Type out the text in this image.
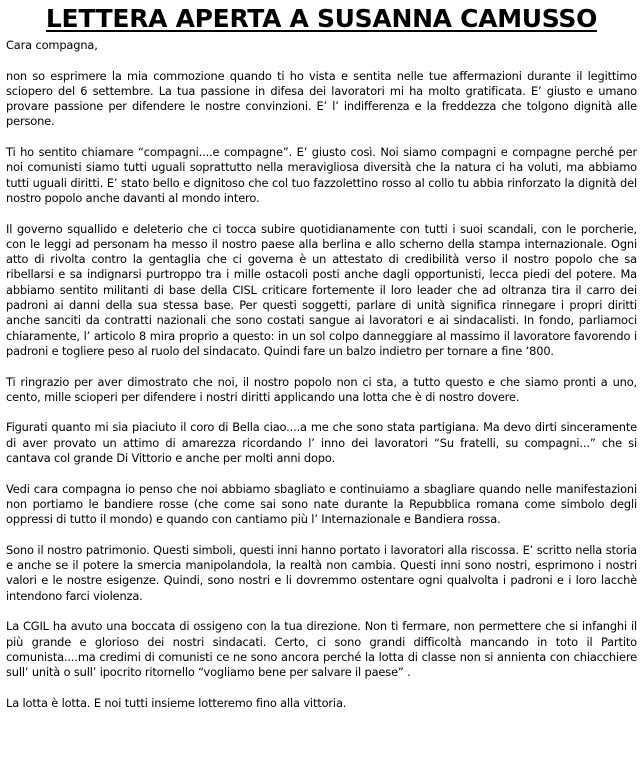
LETTERA APERTA A SUSANNA CAMUSSO

Cara compagna,

non so esprimere la mia commozione quando ti ho vista e sentita nelle tue affermazioni durante il legittimo sciopero del 6 settembre. La tua passione in difesa dei lavoratori mi ha molto gratificata. E’ giusto e umano provare passione per difendere le nostre convinzioni. E’ l’ indifferenza e la freddezza che tolgono dignità alle persone.

Ti ho sentito chiamare “compagni....e compagne”. E’ giusto così. Noi siamo compagni e compagne perché per noi comunisti siamo tutti uguali soprattutto nella meravigliosa diversità che la natura ci ha voluti, ma abbiamo tutti uguali diritti. E’ stato bello e dignitoso che col tuo fazzolettino rosso al collo tu abbia rinforzato la dignità del nostro popolo anche davanti al mondo intero.

Il governo squallido e deleterio che ci tocca subire quotidianamente con tutti i suoi scandali, con le porcherie, con le leggi ad personam ha messo il nostro paese alla berlina e allo scherno della stampa internazionale. Ogni atto di rivolta contro la gentaglia che ci governa è un attestato di credibilità verso il nostro popolo che sa ribellarsi e sa indignarsi purtroppo tra i mille ostacoli posti anche dagli opportunisti, lecca piedi del potere. Ma abbiamo sentito militanti di base della CISL criticare fortemente il loro leader che ad oltranza tira il carro dei padroni ai danni della sua stessa base. Per questi soggetti, parlare di unità significa rinnegare i propri diritti anche sanciti da contratti nazionali che sono costati sangue ai lavoratori e ai sindacalisti. In fondo, parliamoci chiaramente, l’ articolo 8 mira proprio a questo: in un sol colpo danneggiare al massimo il lavoratore favorendo i padroni e togliere peso al ruolo del sindacato. Quindi fare un balzo indietro per tornare a fine ‘800.

Ti ringrazio per aver dimostrato che noi, il nostro popolo non ci sta, a tutto questo e che siamo pronti a uno, cento, mille scioperi per difendere i nostri diritti applicando una lotta che è di nostro dovere.

Figurati quanto mi sia piaciuto il coro di Bella ciao....a me che sono stata partigiana. Ma devo dirti sinceramente di aver provato un attimo di amarezza ricordando l’ inno dei lavoratori “Su fratelli, su compagni...” che si cantava col grande Di Vittorio e anche per molti anni dopo.

Vedi cara compagna io penso che noi abbiamo sbagliato e continuiamo a sbagliare quando nelle manifestazioni non portiamo le bandiere rosse (che come sai sono nate durante la Repubblica romana come simbolo degli oppressi di tutto il mondo) e quando con cantiamo più l’ Internazionale e Bandiera rossa.

Sono il nostro patrimonio. Questi simboli, questi inni hanno portato i lavoratori alla riscossa. E’ scritto nella storia e anche se il potere la smercia manipolandola, la realtà non cambia. Questi inni sono nostri, esprimono i nostri valori e le nostre esigenze. Quindi, sono nostri e li dovremmo ostentare ogni qualvolta i padroni e i loro lacchè intendono farci violenza.

La CGIL ha avuto una boccata di ossigeno con la tua direzione. Non ti fermare, non permettere che si infanghi il più grande e glorioso dei nostri sindacati. Certo, ci sono grandi difficoltà mancando in toto il Partito comunista....ma credimi di comunisti ce ne sono ancora perché la lotta di classe non si annienta con chiacchiere sull’ unità o sull’ ipocrito ritornello “vogliamo bene per salvare il paese” .

La lotta è lotta. E noi tutti insieme lotteremo fino alla vittoria.
